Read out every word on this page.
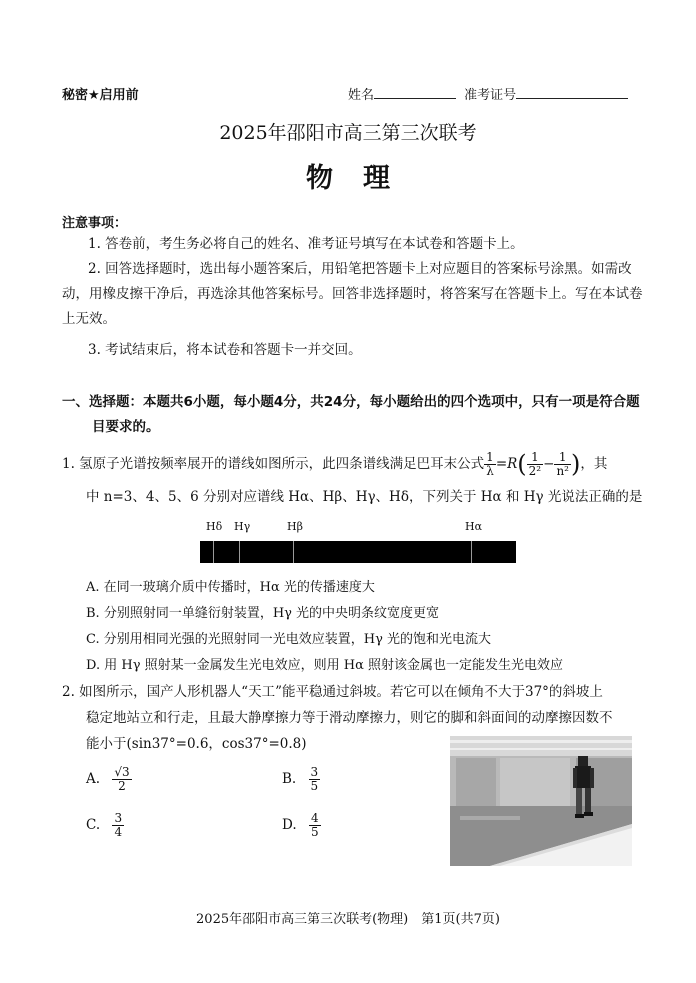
秘密★启用前	姓名	准考证号
2025年邵阳市高三第三次联考
物理
注意事项：
1. 答卷前，考生务必将自己的姓名、准考证号填写在本试卷和答题卡上。
2. 回答选择题时，选出每小题答案后，用铅笔把答题卡上对应题目的答案标号涂黑。如需改动，用橡皮擦干净后，再选涂其他答案标号。回答非选择题时，将答案写在答题卡上。写在本试卷上无效。
3. 考试结束后，将本试卷和答题卡一并交回。
一、选择题：本题共6小题，每小题4分，共24分，每小题给出的四个选项中，只有一项是符合题目要求的。
1. 氢原子光谱按频率展开的谱线如图所示，此四条谱线满足巴耳末公式 $\frac{1}{\lambda} =R( \frac{1}{\text{2²}} - \frac{1}{\text{n²}}$ )，其
中 n=3、4、5、6 分别对应谱线 Hα、Hβ、Hγ、Hδ，下列关于 Hα 和 Hγ 光说法正确的是
Hδ Hγ	Hβ	Hα
A. 在同一玻璃介质中传播时，Hα 光的传播速度大
B. 分别照射同一单缝衍射装置，Hγ 光的中央明条纹宽度更宽
C. 分别用相同光强的光照射同一光电效应装置，Hγ 光的饱和光电流大
D. 用 Hγ 照射某一金属发生光电效应，则用 Hα 照射该金属也一定能发生光电效应
2. 如图所示，国产人形机器人“天工”能平稳通过斜坡。若它可以在倾角不大于37°的斜坡上
稳定地站立和行走，且最大静摩擦力等于滑动摩擦力，则它的脚和斜面间的动摩擦因数不
能小于(sin37°=0.6，cos37°=0.8)
A. $\frac{√3}{2}$	B. $\frac{3}{5}$
C. $\frac{3}{4}$	D. $\frac{4}{5}$
2025年邵阳市高三第三次联考(物理)　第1页(共7页)
